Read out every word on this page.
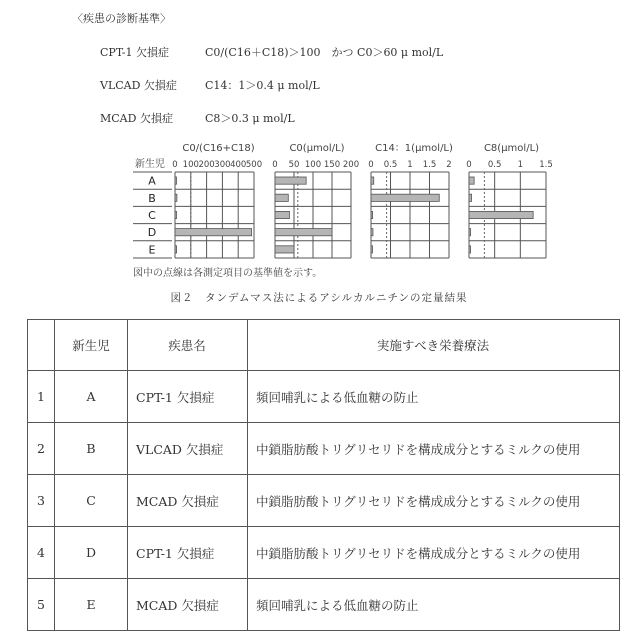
〈疾患の診断基準〉
CPT-1 欠損症	C0/(C16＋C18)＞100　かつ C0＞60 μ mol/L
VLCAD 欠損症	C14：1＞0.4 μ mol/L
MCAD 欠損症	C8＞0.3 μ mol/L
新生児
A
B
C
D
E
C0/(C16+C18)
0 100 200 300 400 500
C0(μmol/L)
0 50 100 150 200
C14：1(μmol/L)
0 0.5 1 1.5 2
C8(μmol/L)
0 0.5 1 1.5
図中の点線は各測定項目の基準値を示す。
図２　タンデムマス法によるアシルカルニチンの定量結果
	新生児	疾患名	実施すべき栄養療法
1	A	CPT-1 欠損症	頻回哺乳による低血糖の防止
2	B	VLCAD 欠損症	中鎖脂肪酸トリグリセリドを構成成分とするミルクの使用
3	C	MCAD 欠損症	中鎖脂肪酸トリグリセリドを構成成分とするミルクの使用
4	D	CPT-1 欠損症	中鎖脂肪酸トリグリセリドを構成成分とするミルクの使用
5	E	MCAD 欠損症	頻回哺乳による低血糖の防止
